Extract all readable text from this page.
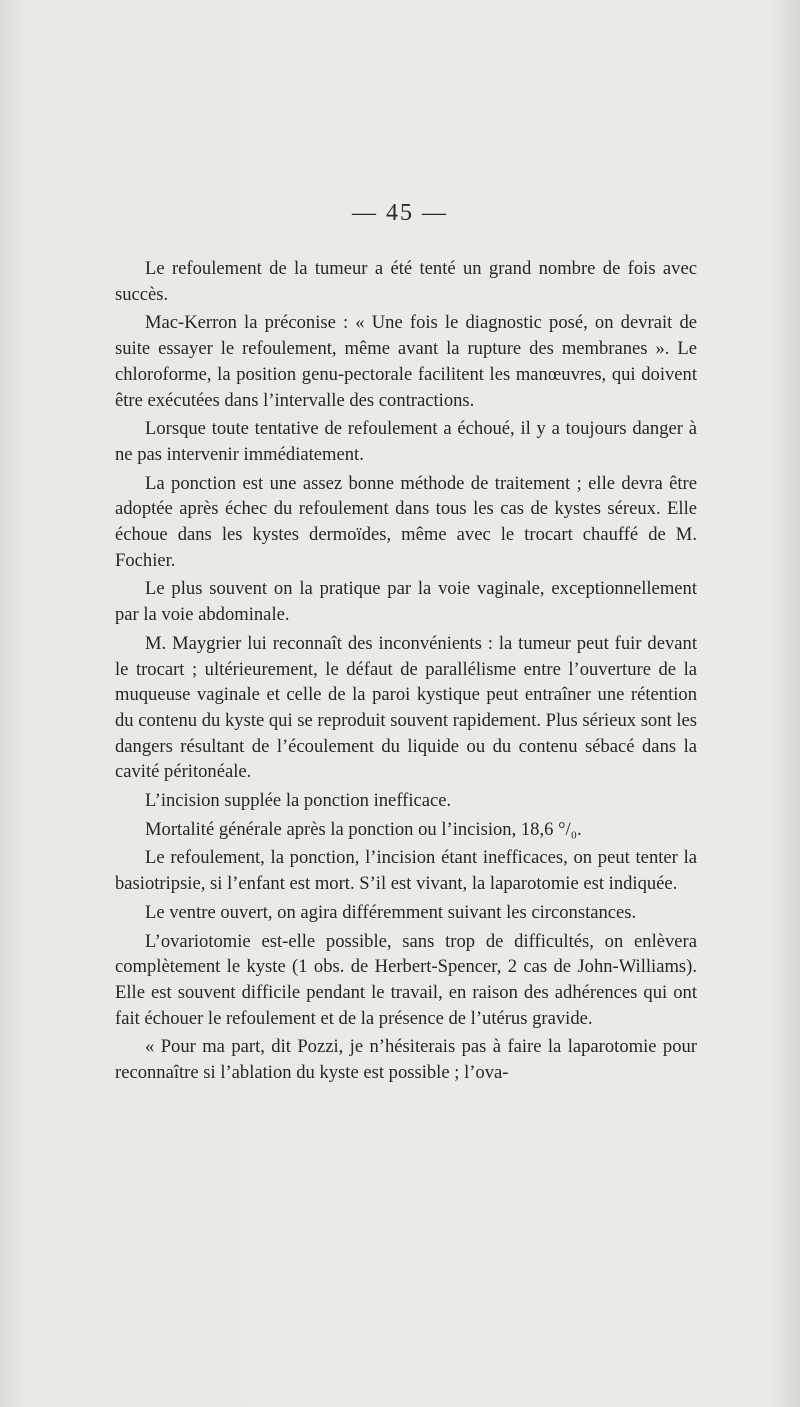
— 45 —

Le refoulement de la tumeur a été tenté un grand nombre de fois avec succès.

Mac-Kerron la préconise : « Une fois le diagnostic posé, on devrait de suite essayer le refoulement, même avant la rupture des membranes ». Le chloroforme, la position genu-pectorale facilitent les manœuvres, qui doivent être exécutées dans l’intervalle des contractions.

Lorsque toute tentative de refoulement a échoué, il y a toujours danger à ne pas intervenir immédiatement.

La ponction est une assez bonne méthode de traitement ; elle devra être adoptée après échec du refoulement dans tous les cas de kystes séreux. Elle échoue dans les kystes dermoïdes, même avec le trocart chauffé de M. Fochier.

Le plus souvent on la pratique par la voie vaginale, exceptionnellement par la voie abdominale.

M. Maygrier lui reconnaît des inconvénients : la tumeur peut fuir devant le trocart ; ultérieurement, le défaut de parallélisme entre l’ouverture de la muqueuse vaginale et celle de la paroi kystique peut entraîner une rétention du contenu du kyste qui se reproduit souvent rapidement. Plus sérieux sont les dangers résultant de l’écoulement du liquide ou du contenu sébacé dans la cavité péritonéale.

L’incision supplée la ponction inefficace.

Mortalité générale après la ponction ou l’incision, 18,6 °/₀.

Le refoulement, la ponction, l’incision étant inefficaces, on peut tenter la basiotripsie, si l’enfant est mort. S’il est vivant, la laparotomie est indiquée.

Le ventre ouvert, on agira différemment suivant les circonstances.

L’ovariotomie est-elle possible, sans trop de difficultés, on enlèvera complètement le kyste (1 obs. de Herbert-Spencer, 2 cas de John-Williams). Elle est souvent difficile pendant le travail, en raison des adhérences qui ont fait échouer le refoulement et de la présence de l’utérus gravide.

« Pour ma part, dit Pozzi, je n’hésiterais pas à faire la laparotomie pour reconnaître si l’ablation du kyste est possible ; l’ova-
